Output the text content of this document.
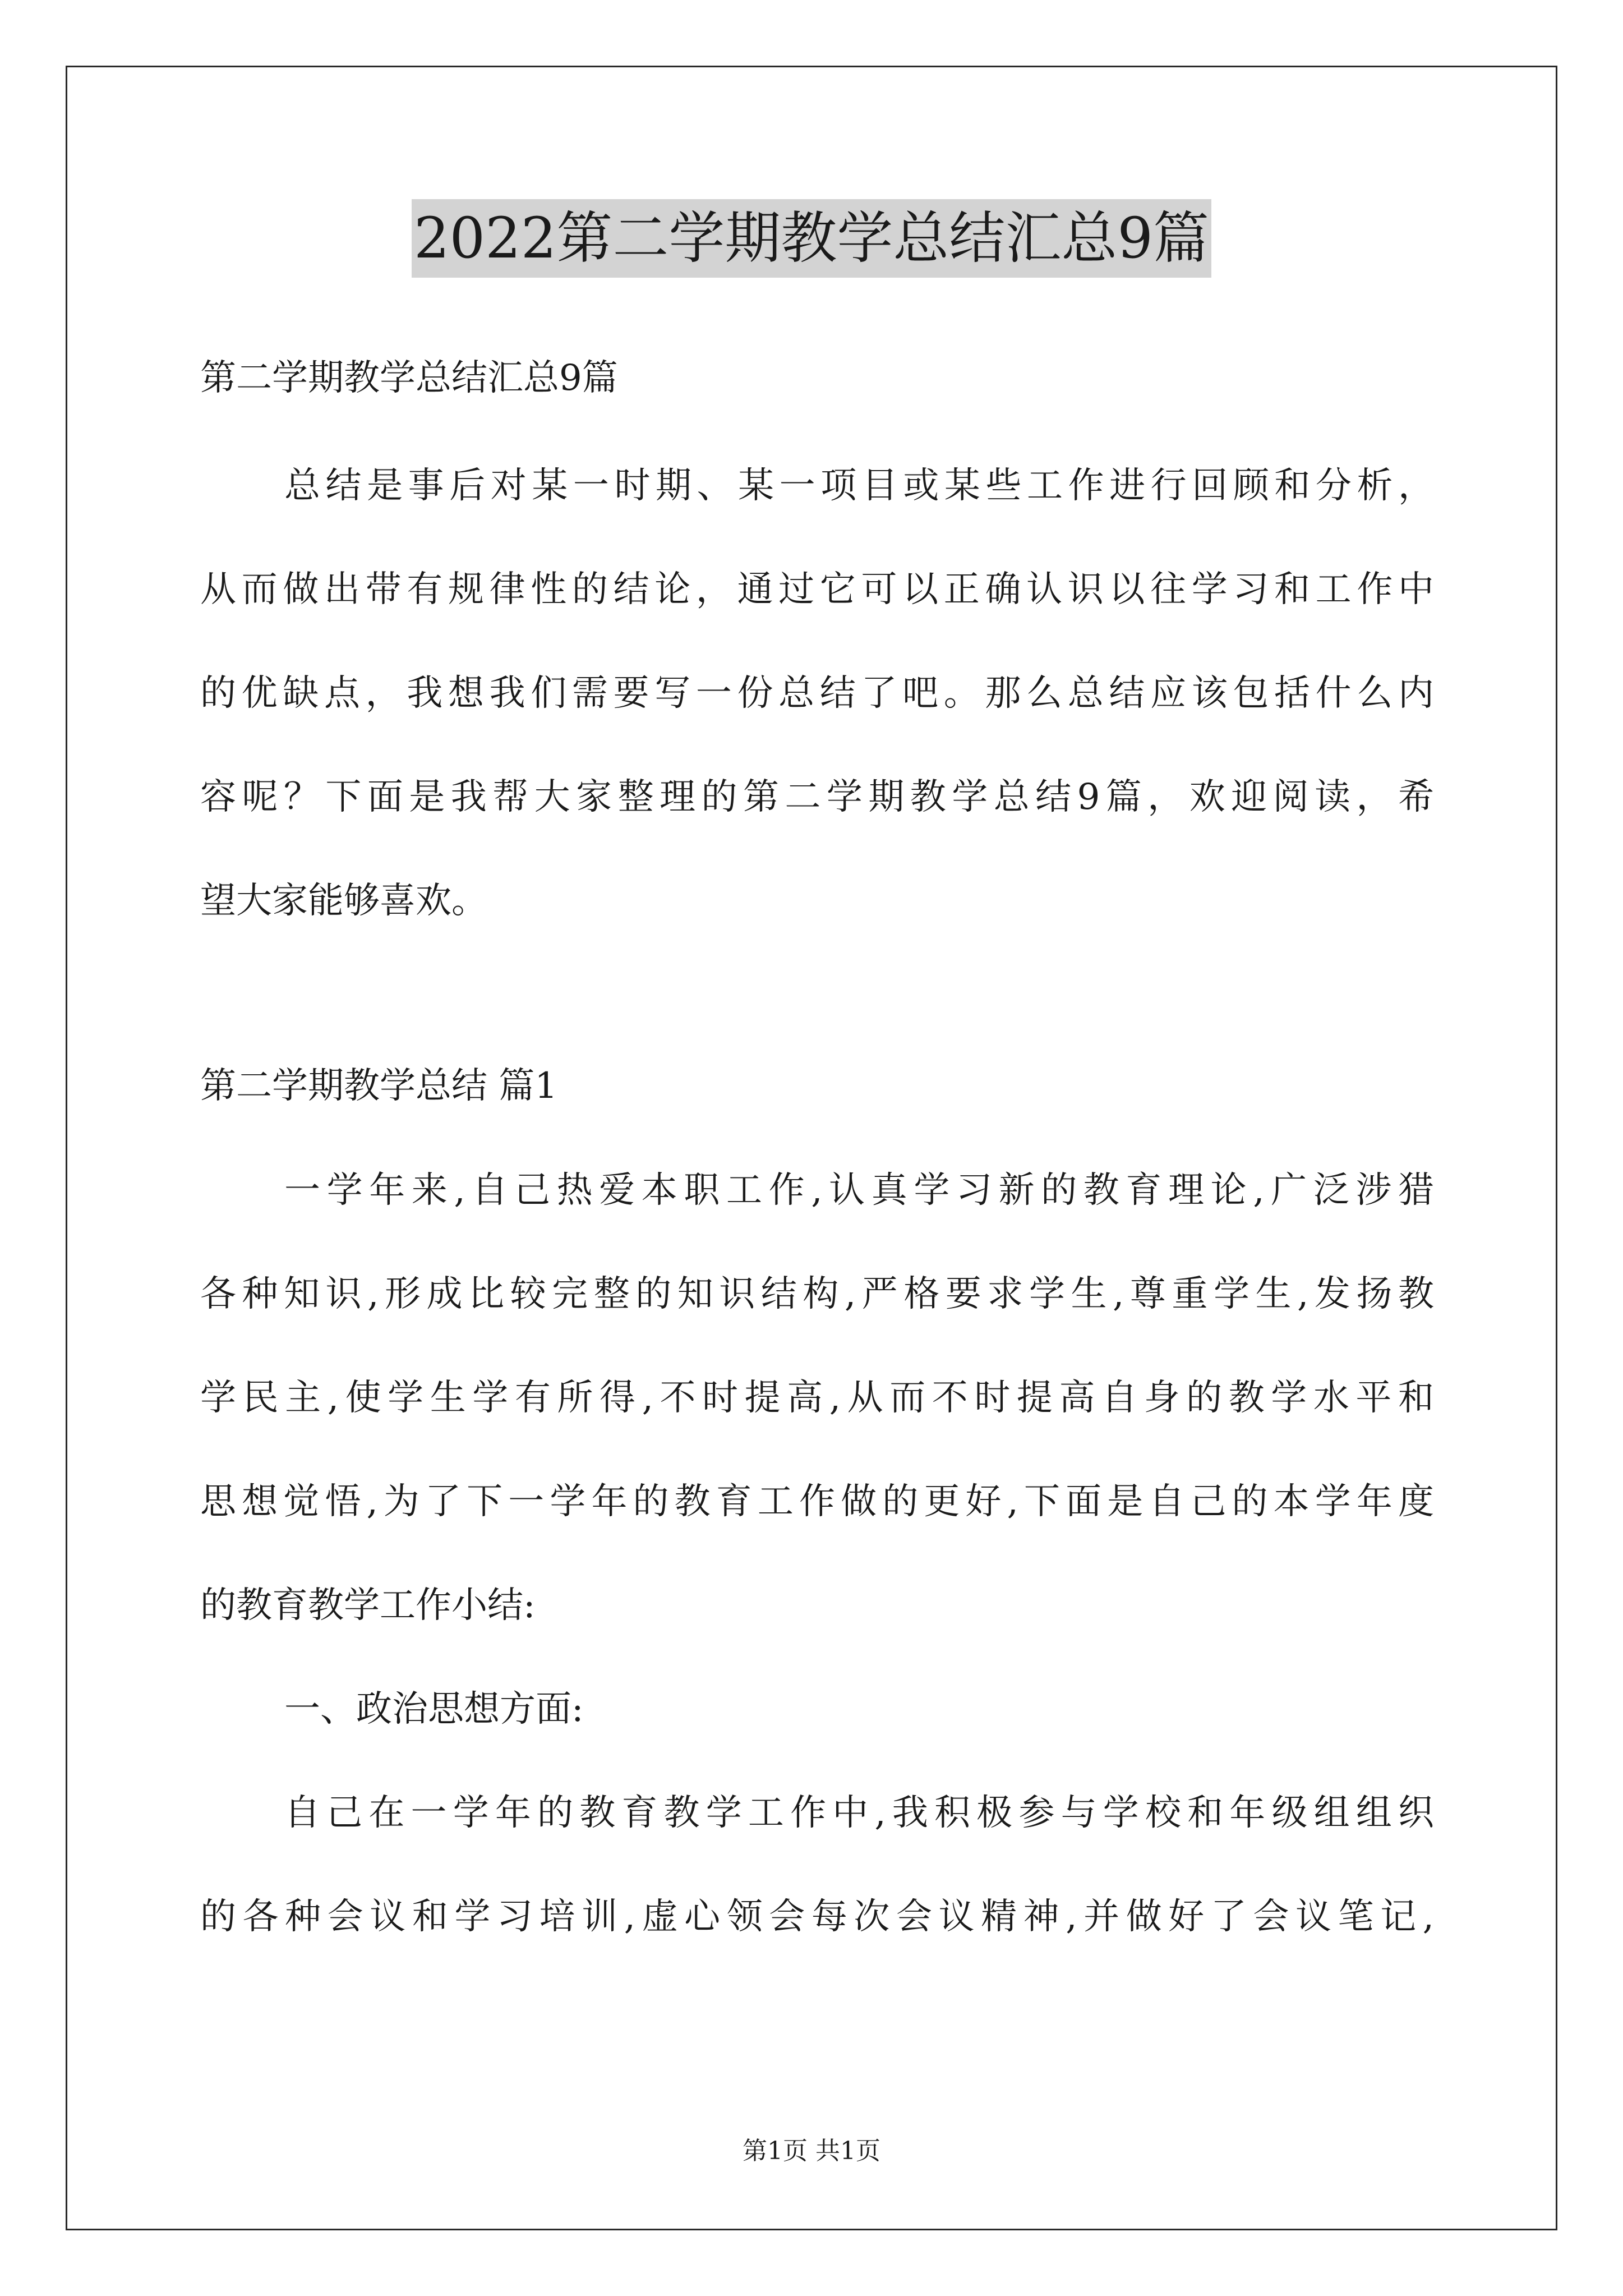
2022第二学期教学总结汇总9篇
第二学期教学总结汇总9篇
总结是事后对某一时期、某一项目或某些工作进行回顾和分析，
从而做出带有规律性的结论，通过它可以正确认识以往学习和工作中
的优缺点，我想我们需要写一份总结了吧。那么总结应该包括什么内
容呢？下面是我帮大家整理的第二学期教学总结9篇，欢迎阅读，希
望大家能够喜欢。
第二学期教学总结 篇1
一学年来,自己热爱本职工作,认真学习新的教育理论,广泛涉猎
各种知识,形成比较完整的知识结构,严格要求学生,尊重学生,发扬教
学民主,使学生学有所得,不时提高,从而不时提高自身的教学水平和
思想觉悟,为了下一学年的教育工作做的更好,下面是自己的本学年度
的教育教学工作小结:
一、政治思想方面:
自己在一学年的教育教学工作中,我积极参与学校和年级组组织
的各种会议和学习培训,虚心领会每次会议精神,并做好了会议笔记,
第1页 共1页
